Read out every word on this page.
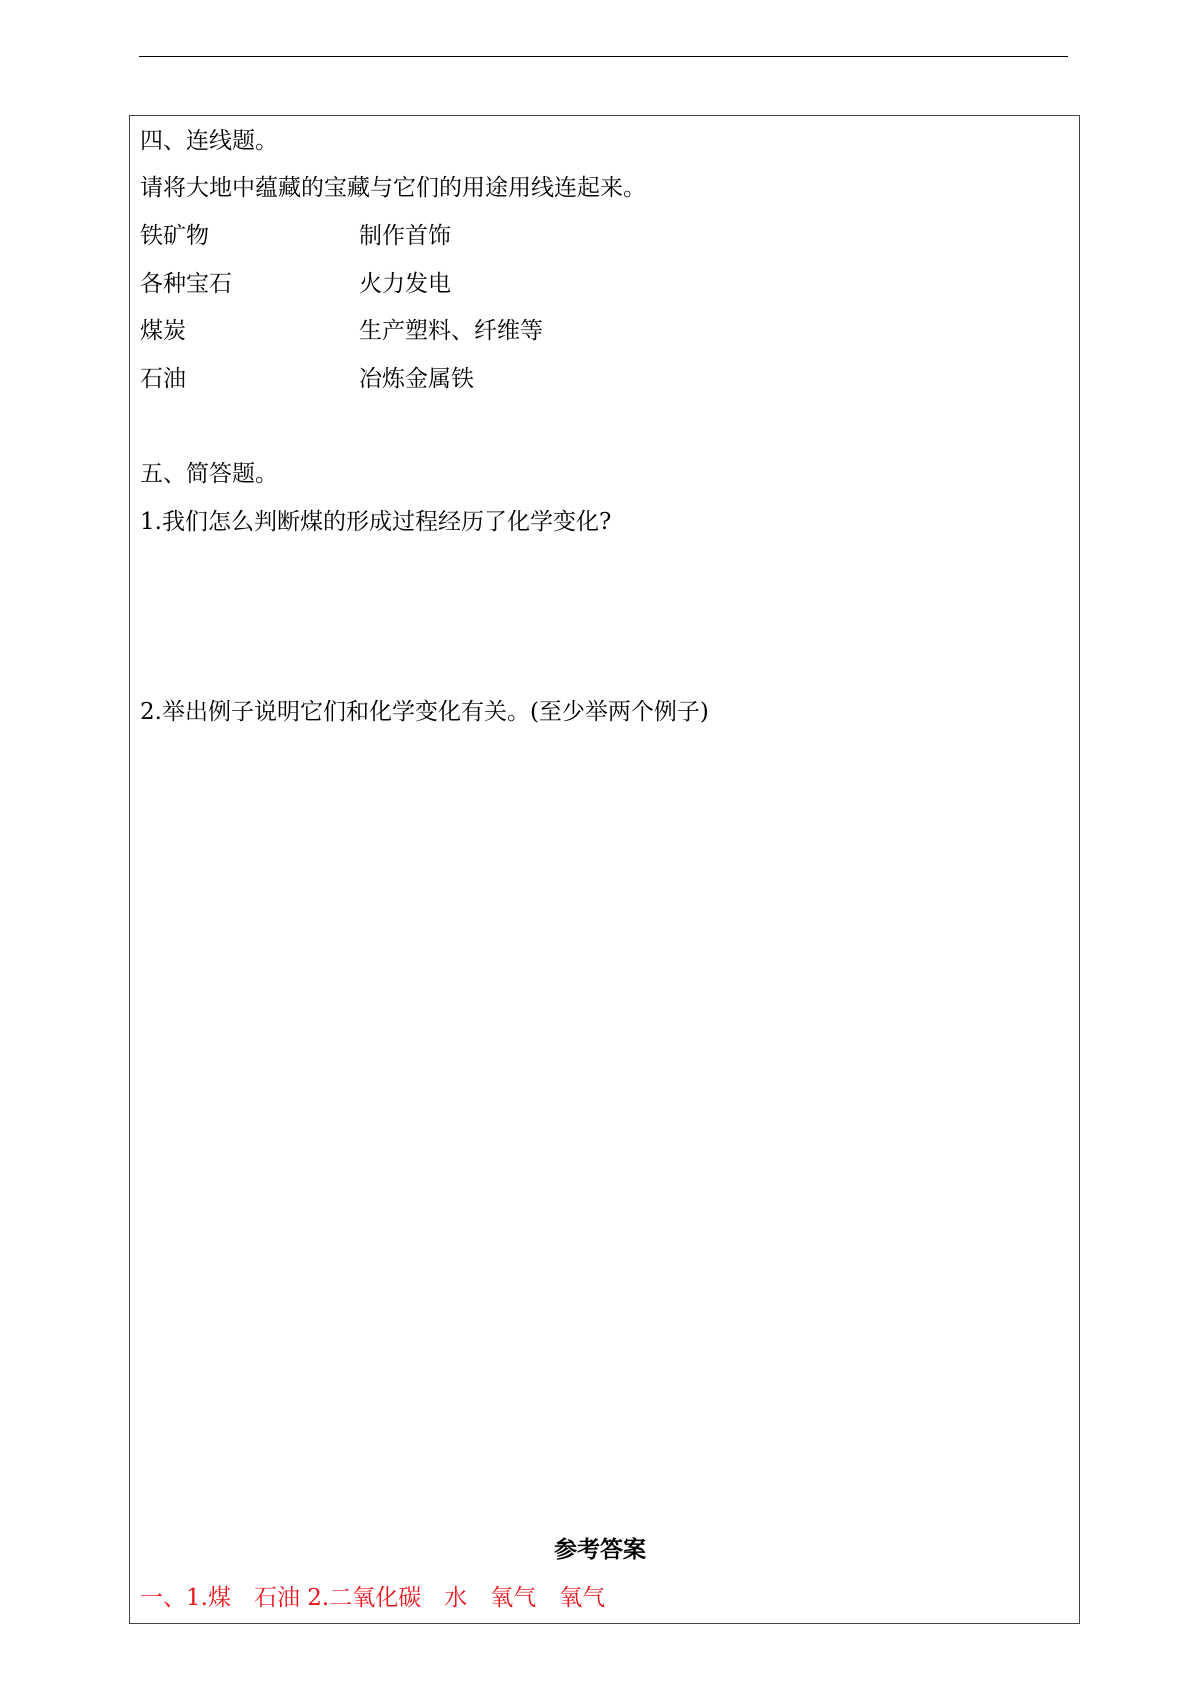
四、连线题。
请将大地中蕴藏的宝藏与它们的用途用线连起来。
铁矿物	制作首饰
各种宝石	火力发电
煤炭	生产塑料、纤维等
石油	冶炼金属铁
五、简答题。
1.我们怎么判断煤的形成过程经历了化学变化?
2.举出例子说明它们和化学变化有关。(至少举两个例子)
参考答案
一、1.煤　石油 2.二氧化碳　水　氧气　氧气
